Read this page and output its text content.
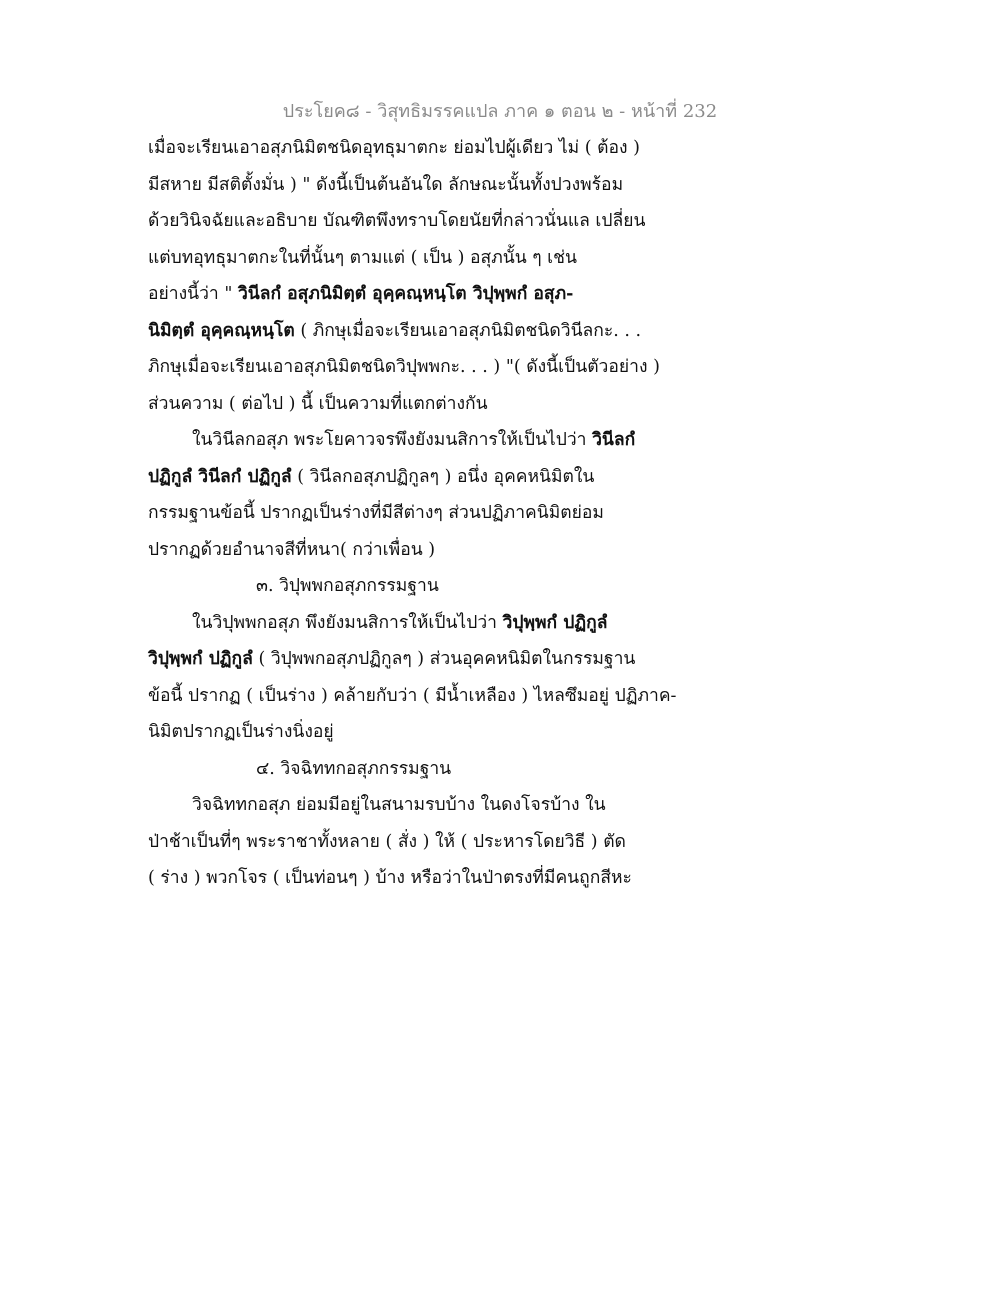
ประโยค๘ - วิสุทธิมรรคแปล ภาค ๑ ตอน ๒ - หน้าที่ 232
เมื่อจะเรียนเอาอสุภนิมิตชนิดอุทธุมาตกะ ย่อมไปผู้เดียว ไม่ ( ต้อง )
มีสหาย มีสติตั้งมั่น ) " ดังนี้เป็นต้นอันใด ลักษณะนั้นทั้งปวงพร้อม
ด้วยวินิจฉัยและอธิบาย บัณฑิตพึงทราบโดยนัยที่กล่าวนั่นแล เปลี่ยน
แต่บทอุทธุมาตกะในที่นั้นๆ ตามแต่ ( เป็น ) อสุภนั้น ๆ เช่น
อย่างนี้ว่า " วินีลกํ อสุภนิมิตฺตํ อุคฺคณฺหนฺโต วิปุพฺพกํ อสุภ-
นิมิตฺตํ อุคฺคณฺหนฺโต ( ภิกษุเมื่อจะเรียนเอาอสุภนิมิตชนิดวินีลกะ. . .
ภิกษุเมื่อจะเรียนเอาอสุภนิมิตชนิดวิปุพพกะ. . . ) "( ดังนี้เป็นตัวอย่าง )
ส่วนความ ( ต่อไป ) นี้ เป็นความที่แตกต่างกัน
ในวินีลกอสุภ พระโยคาวจรพึงยังมนสิการให้เป็นไปว่า วินีลกํ
ปฏิกูลํ วินีลกํ ปฏิกูลํ ( วินีลกอสุภปฏิกูลๆ ) อนึ่ง อุคคหนิมิตใน
กรรมฐานข้อนี้ ปรากฏเป็นร่างที่มีสีต่างๆ ส่วนปฏิภาคนิมิตย่อม
ปรากฏด้วยอำนาจสีที่หนา( กว่าเพื่อน )
๓. วิปุพพกอสุภกรรมฐาน
ในวิปุพพกอสุภ พึงยังมนสิการให้เป็นไปว่า วิปุพฺพกํ ปฏิกูลํ
วิปุพฺพกํ ปฏิกูลํ ( วิปุพพกอสุภปฏิกูลๆ ) ส่วนอุคคหนิมิตในกรรมฐาน
ข้อนี้ ปรากฏ ( เป็นร่าง ) คล้ายกับว่า ( มีน้ำเหลือง ) ไหลซึมอยู่ ปฏิภาค-
นิมิตปรากฏเป็นร่างนิ่งอยู่
๔. วิจฉิททกอสุภกรรมฐาน
วิจฉิททกอสุภ ย่อมมีอยู่ในสนามรบบ้าง ในดงโจรบ้าง ใน
ป่าช้าเป็นที่ๆ พระราชาทั้งหลาย ( สั่ง ) ให้ ( ประหารโดยวิธี ) ตัด
( ร่าง ) พวกโจร ( เป็นท่อนๆ ) บ้าง หรือว่าในป่าตรงที่มีคนถูกสีหะ
